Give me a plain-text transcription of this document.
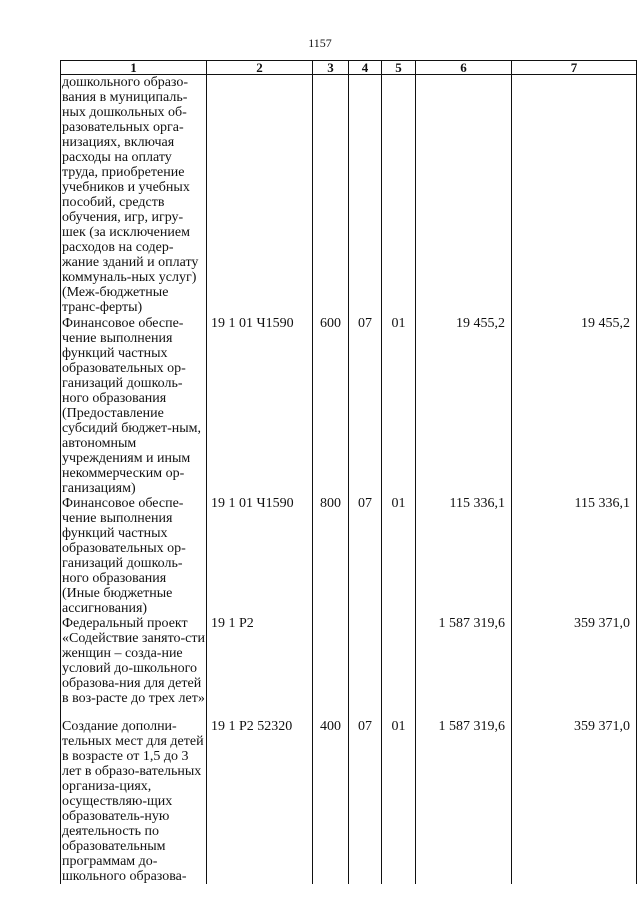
1157
1	2	3	4	5	6	7
дошкольного образо-вания в муниципаль-ных дошкольных об-разовательных орга-низациях, включая расходы на оплату труда, приобретение учебников и учебных пособий, средств обучения, игр, игру-шек (за исключением расходов на содер-жание зданий и оплату коммуналь-ных услуг) (Меж-бюджетные транс-ферты)						
Финансовое обеспе-чение выполнения функций частных образовательных ор-ганизаций дошколь-ного образования (Предоставление субсидий бюджет-ным, автономным учреждениям и иным некоммерческим ор-ганизациям)	19 1 01 Ч1590	600	07	01	19 455,2	19 455,2
Финансовое обеспе-чение выполнения функций частных образовательных ор-ганизаций дошколь-ного образования (Иные бюджетные ассигнования)	19 1 01 Ч1590	800	07	01	115 336,1	115 336,1
Федеральный проект «Содействие занято-сти женщин – созда-ние условий до-школьного образова-ния для детей в воз-расте до трех лет»	19 1 P2				1 587 319,6	359 371,0
Создание дополни-тельных мест для детей в возрасте от 1,5 до 3 лет в образо-вательных организа-циях, осуществляю-щих образователь-ную деятельность по образовательным программам до-школьного образова-	19 1 P2 52320	400	07	01	1 587 319,6	359 371,0
